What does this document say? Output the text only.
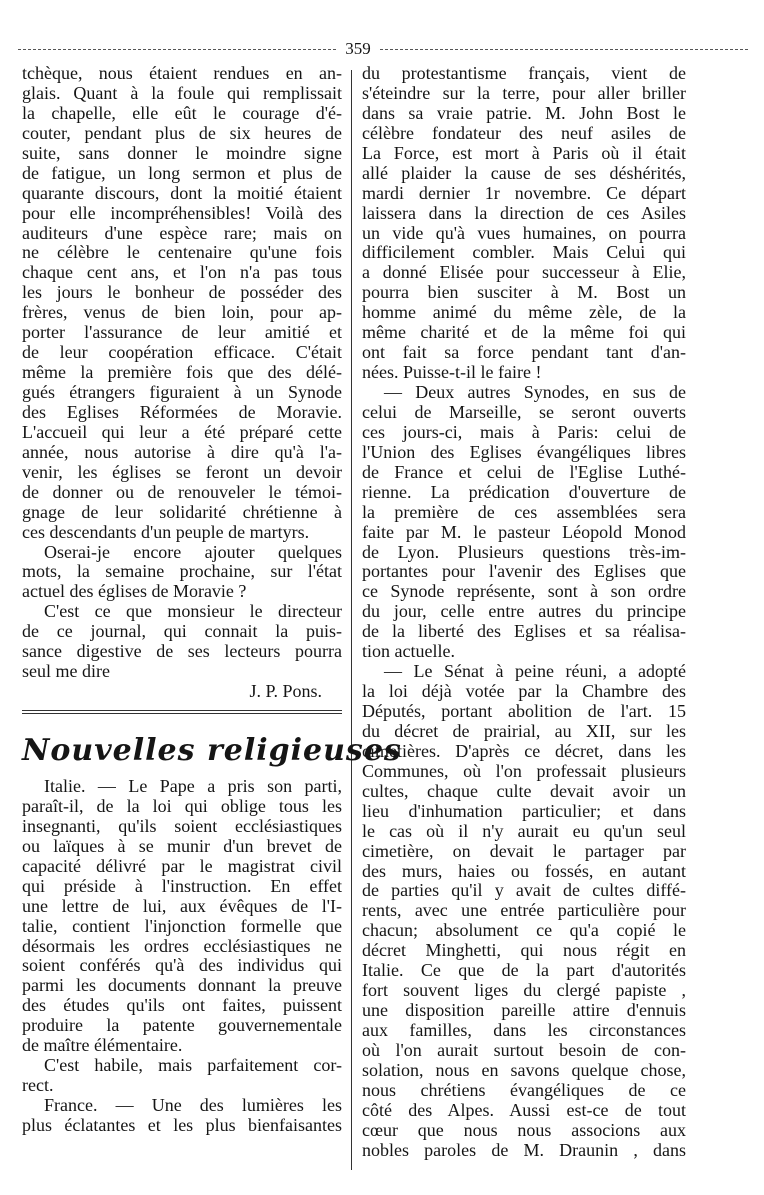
359
tchèque, nous étaient rendues en an-
glais. Quant à la foule qui remplissait
la chapelle, elle eût le courage d'é-
couter, pendant plus de six heures de
suite, sans donner le moindre signe
de fatigue, un long sermon et plus de
quarante discours, dont la moitié étaient
pour elle incompréhensibles! Voilà des
auditeurs d'une espèce rare; mais on
ne célèbre le centenaire qu'une fois
chaque cent ans, et l'on n'a pas tous
les jours le bonheur de posséder des
frères, venus de bien loin, pour ap-
porter l'assurance de leur amitié et
de leur coopération efficace. C'était
même la première fois que des délé-
gués étrangers figuraient à un Synode
des Eglises Réformées de Moravie.
L'accueil qui leur a été préparé cette
année, nous autorise à dire qu'à l'a-
venir, les églises se feront un devoir
de donner ou de renouveler le témoi-
gnage de leur solidarité chrétienne à
ces descendants d'un peuple de martyrs.
Oserai-je encore ajouter quelques
mots, la semaine prochaine, sur l'état
actuel des églises de Moravie ?
C'est ce que monsieur le directeur
de ce journal, qui connait la puis-
sance digestive de ses lecteurs pourra
seul me dire
J. P. Pons.
Nouvelles religieuses
Italie. — Le Pape a pris son parti,
paraît-il, de la loi qui oblige tous les
insegnanti, qu'ils soient ecclésiastiques
ou laïques à se munir d'un brevet de
capacité délivré par le magistrat civil
qui préside à l'instruction. En effet
une lettre de lui, aux évêques de l'I-
talie, contient l'injonction formelle que
désormais les ordres ecclésiastiques ne
soient conférés qu'à des individus qui
parmi les documents donnant la preuve
des études qu'ils ont faites, puissent
produire la patente gouvernementale
de maître élémentaire.
C'est habile, mais parfaitement cor-
rect.
France. — Une des lumières les
plus éclatantes et les plus bienfaisantes
du protestantisme français, vient de
s'éteindre sur la terre, pour aller briller
dans sa vraie patrie. M. John Bost le
célèbre fondateur des neuf asiles de
La Force, est mort à Paris où il était
allé plaider la cause de ses déshérités,
mardi dernier 1r novembre. Ce départ
laissera dans la direction de ces Asiles
un vide qu'à vues humaines, on pourra
difficilement combler. Mais Celui qui
a donné Elisée pour successeur à Elie,
pourra bien susciter à M. Bost un
homme animé du même zèle, de la
même charité et de la même foi qui
ont fait sa force pendant tant d'an-
nées. Puisse-t-il le faire !
— Deux autres Synodes, en sus de
celui de Marseille, se seront ouverts
ces jours-ci, mais à Paris: celui de
l'Union des Eglises évangéliques libres
de France et celui de l'Eglise Luthé-
rienne. La prédication d'ouverture de
la première de ces assemblées sera
faite par M. le pasteur Léopold Monod
de Lyon. Plusieurs questions très-im-
portantes pour l'avenir des Eglises que
ce Synode représente, sont à son ordre
du jour, celle entre autres du principe
de la liberté des Eglises et sa réalisa-
tion actuelle.
— Le Sénat à peine réuni, a adopté
la loi déjà votée par la Chambre des
Députés, portant abolition de l'art. 15
du décret de prairial, au XII, sur les
cimetières. D'après ce décret, dans les
Communes, où l'on professait plusieurs
cultes, chaque culte devait avoir un
lieu d'inhumation particulier; et dans
le cas où il n'y aurait eu qu'un seul
cimetière, on devait le partager par
des murs, haies ou fossés, en autant
de parties qu'il y avait de cultes diffé-
rents, avec une entrée particulière pour
chacun; absolument ce qu'a copié le
décret Minghetti, qui nous régit en
Italie. Ce que de la part d'autorités
fort souvent liges du clergé papiste ,
une disposition pareille attire d'ennuis
aux familles, dans les circonstances
où l'on aurait surtout besoin de con-
solation, nous en savons quelque chose,
nous chrétiens évangéliques de ce
côté des Alpes. Aussi est-ce de tout
cœur que nous nous associons aux
nobles paroles de M. Draunin , dans
